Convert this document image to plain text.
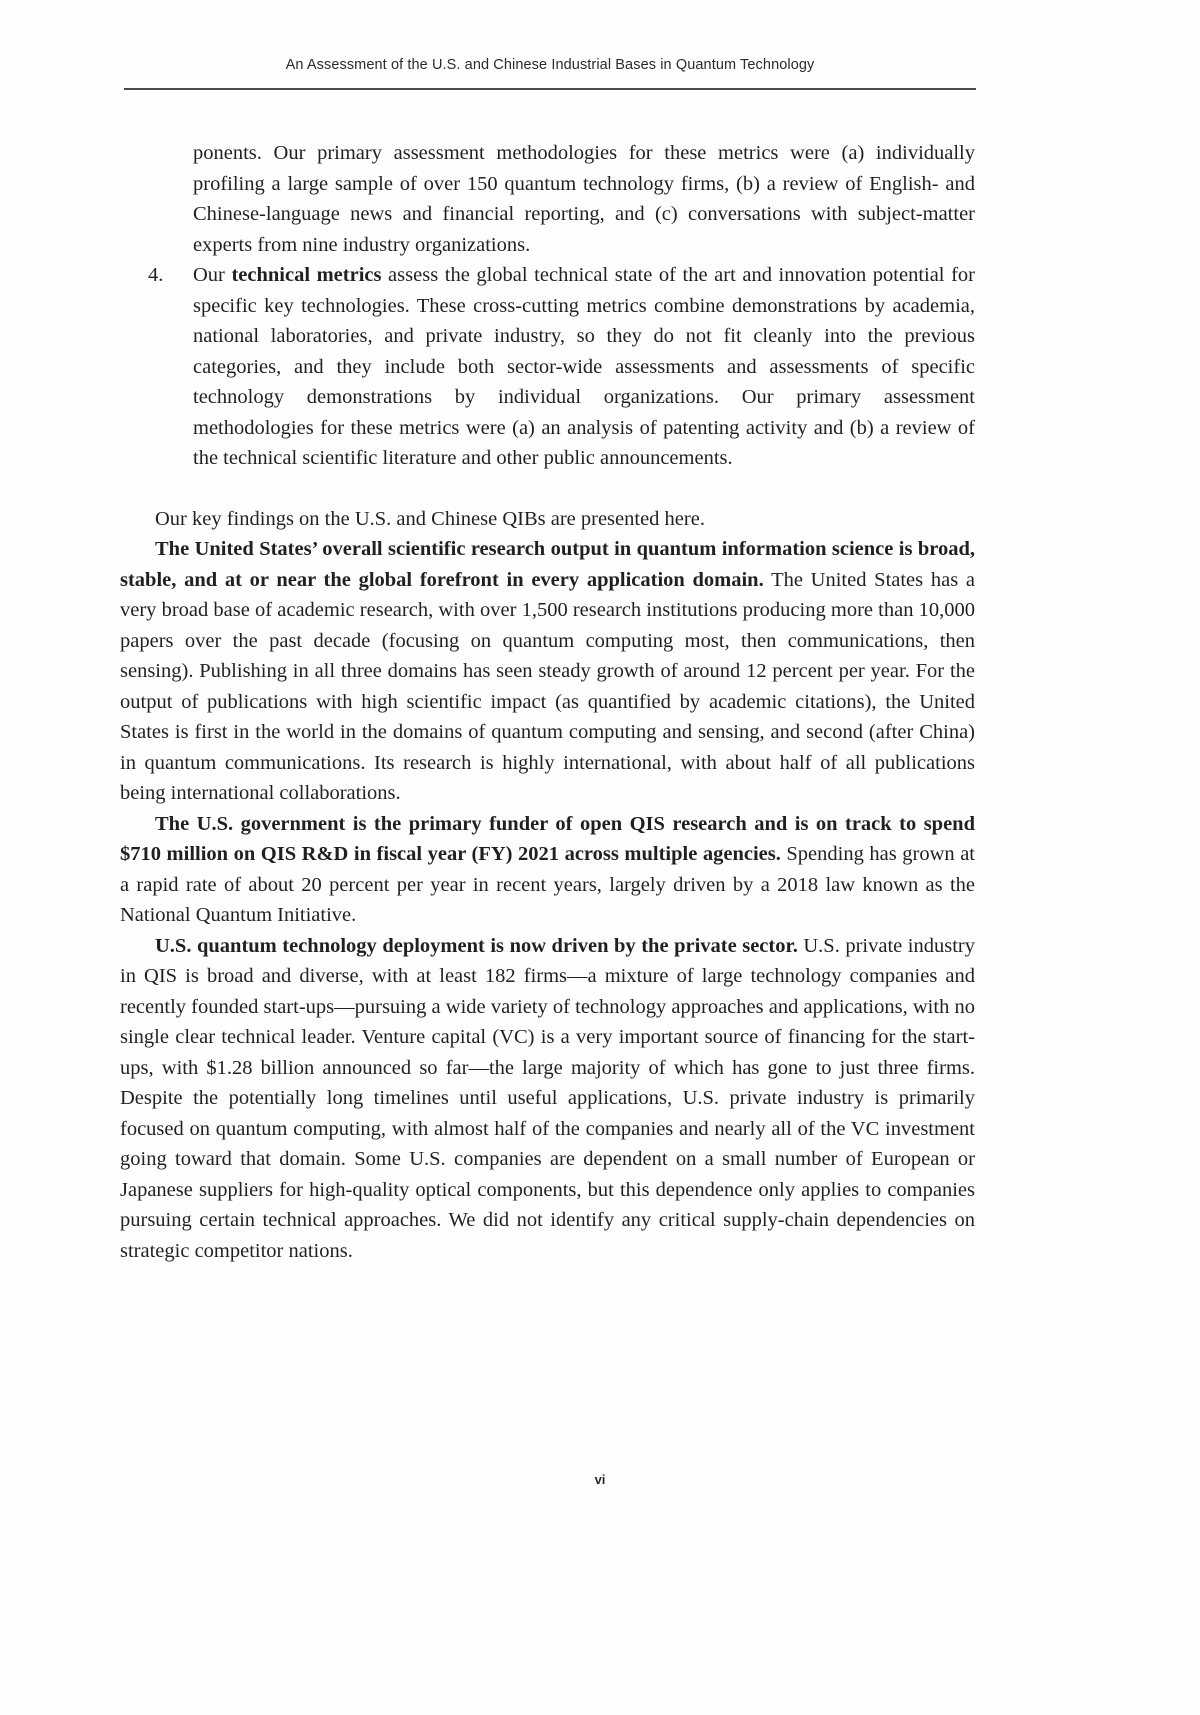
An Assessment of the U.S. and Chinese Industrial Bases in Quantum Technology

ponents. Our primary assessment methodologies for these metrics were (a) individually profiling a large sample of over 150 quantum technology firms, (b) a review of English- and Chinese-language news and financial reporting, and (c) conversations with subject-matter experts from nine industry organizations.

4. Our technical metrics assess the global technical state of the art and innovation potential for specific key technologies. These cross-cutting metrics combine demonstrations by academia, national laboratories, and private industry, so they do not fit cleanly into the previous categories, and they include both sector-wide assessments and assessments of specific technology demonstrations by individual organizations. Our primary assessment methodologies for these metrics were (a) an analysis of patenting activity and (b) a review of the technical scientific literature and other public announcements.

Our key findings on the U.S. and Chinese QIBs are presented here.

The United States’ overall scientific research output in quantum information science is broad, stable, and at or near the global forefront in every application domain. The United States has a very broad base of academic research, with over 1,500 research institutions producing more than 10,000 papers over the past decade (focusing on quantum computing most, then communications, then sensing). Publishing in all three domains has seen steady growth of around 12 percent per year. For the output of publications with high scientific impact (as quantified by academic citations), the United States is first in the world in the domains of quantum computing and sensing, and second (after China) in quantum communications. Its research is highly international, with about half of all publications being international collaborations.

The U.S. government is the primary funder of open QIS research and is on track to spend $710 million on QIS R&D in fiscal year (FY) 2021 across multiple agencies. Spending has grown at a rapid rate of about 20 percent per year in recent years, largely driven by a 2018 law known as the National Quantum Initiative.

U.S. quantum technology deployment is now driven by the private sector. U.S. private industry in QIS is broad and diverse, with at least 182 firms—a mixture of large technology companies and recently founded start-ups—pursuing a wide variety of technology approaches and applications, with no single clear technical leader. Venture capital (VC) is a very important source of financing for the start-ups, with $1.28 billion announced so far—the large majority of which has gone to just three firms. Despite the potentially long timelines until useful applications, U.S. private industry is primarily focused on quantum computing, with almost half of the companies and nearly all of the VC investment going toward that domain. Some U.S. companies are dependent on a small number of European or Japanese suppliers for high-quality optical components, but this dependence only applies to companies pursuing certain technical approaches. We did not identify any critical supply-chain dependencies on strategic competitor nations.

vi
